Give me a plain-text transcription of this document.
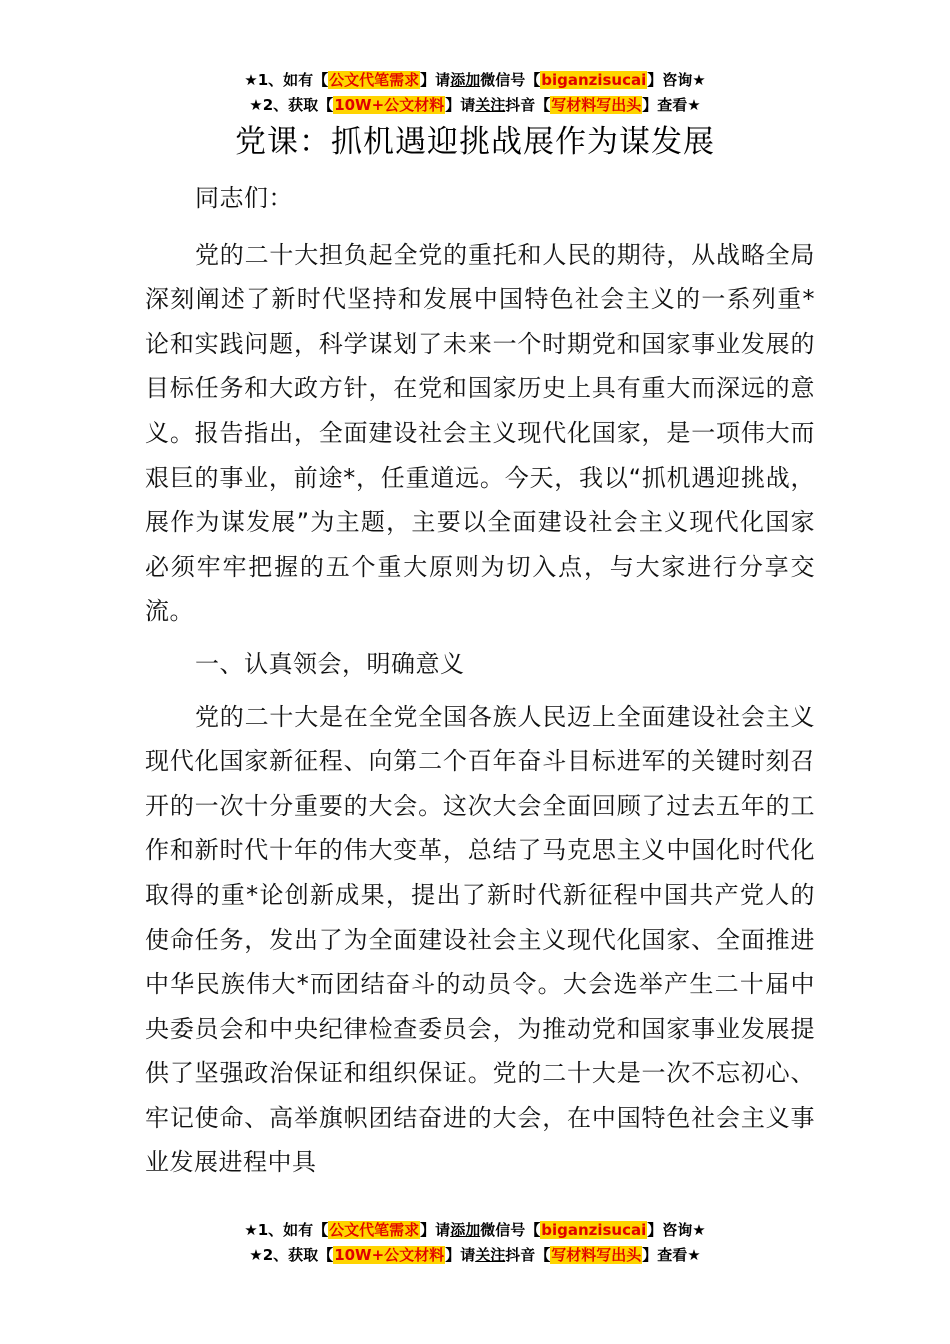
★1、如有【公文代笔需求】请添加微信号【biganzisucai】咨询★
★2、获取【10W+公文材料】请关注抖音【写材料写出头】查看★
党课：抓机遇迎挑战展作为谋发展

同志们：

党的二十大担负起全党的重托和人民的期待，从战略全局深刻阐述了新时代坚持和发展中国特色社会主义的一系列重*论和实践问题，科学谋划了未来一个时期党和国家事业发展的目标任务和大政方针，在党和国家历史上具有重大而深远的意义。报告指出，全面建设社会主义现代化国家，是一项伟大而艰巨的事业，前途*，任重道远。今天，我以“抓机遇迎挑战，展作为谋发展”为主题，主要以全面建设社会主义现代化国家必须牢牢把握的五个重大原则为切入点，与大家进行分享交流。

一、认真领会，明确意义

党的二十大是在全党全国各族人民迈上全面建设社会主义现代化国家新征程、向第二个百年奋斗目标进军的关键时刻召开的一次十分重要的大会。这次大会全面回顾了过去五年的工作和新时代十年的伟大变革，总结了马克思主义中国化时代化取得的重*论创新成果，提出了新时代新征程中国共产党人的使命任务，发出了为全面建设社会主义现代化国家、全面推进中华民族伟大*而团结奋斗的动员令。大会选举产生二十届中央委员会和中央纪律检查委员会，为推动党和国家事业发展提供了坚强政治保证和组织保证。党的二十大是一次不忘初心、牢记使命、高举旗帜团结奋进的大会，在中国特色社会主义事业发展进程中具

★1、如有【公文代笔需求】请添加微信号【biganzisucai】咨询★
★2、获取【10W+公文材料】请关注抖音【写材料写出头】查看★
